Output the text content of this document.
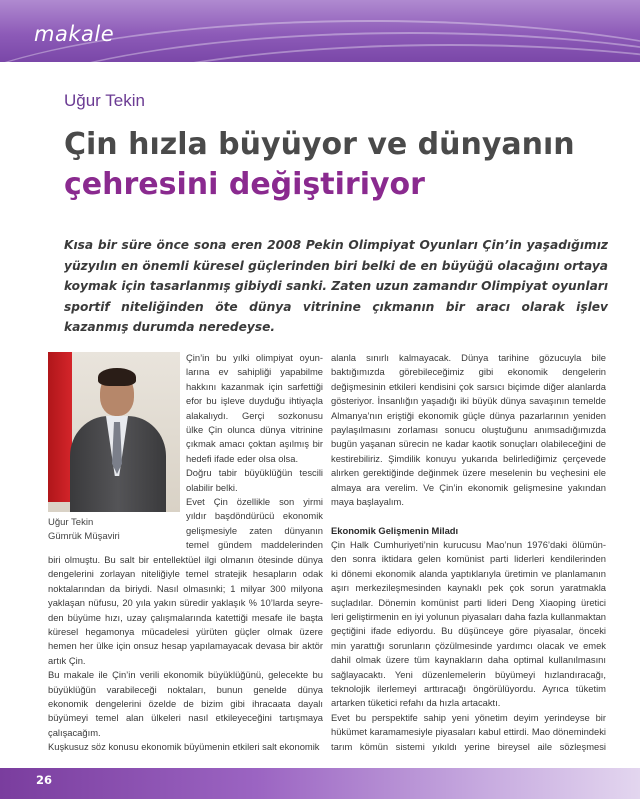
makale
Uğur Tekin
Çin hızla büyüyor ve dünyanın
çehresini değiştiriyor
Kısa bir süre önce sona eren 2008 Pekin Olimpiyat Oyunları Çin’in yaşadığımız yüzyılın en önemli küresel güçlerinden biri belki de en büyüğü olacağını ortaya koymak için tasarlanmış gibiydi sanki. Zaten uzun zamandır Olimpiyat oyunları sportif niteliğinden öte dünya vitrinine çıkmanın bir aracı olarak işlev kazanmış durumda neredeyse.
Uğur Tekin
Gümrük Müşaviri
Çin’in bu yılki olimpiyat oyun-
larına ev sahipliği yapabilme
hakkını kazanmak için sarfettiği
efor bu işleve duyduğu ihtiyaçla
alakalıydı. Gerçi sozkonusu
ülke Çin olunca dünya vitrinine
çıkmak amacı çoktan aşılmış bir
hedefi ifade eder olsa olsa.
Doğru tabir büyüklüğün tescili
olabilir belki.
Evet Çin özellikle son yirmi
yıldır başdöndürücü ekonomik
gelişmesiyle zaten dünyanın
temel gündem maddelerinden
biri olmuştu. Bu salt bir entellektüel ilgi olmanın ötesinde dünya
dengelerini zorlayan niteliğiyle temel stratejik hesapların odak
noktalarından da biriydi. Nasıl olmasınki; 1 milyar 300 milyona
yaklaşan nüfusu, 20 yıla yakın süredir yaklaşık % 10’larda seyre-
den büyüme hızı, uzay çalışmalarında katettiği mesafe ile başta
küresel hegamonya mücadelesi yürüten güçler olmak üzere
hemen her ülke için onsuz hesap yapılamayacak devasa bir aktör
artık Çin.
Bu makale ile Çin’in verili ekonomik büyüklüğünü, gelecekte bu
büyüklüğün varabileceği noktaları, bunun genelde dünya
ekonomik dengelerini özelde de bizim gibi ihracaata dayalı
büyümeyi temel alan ülkeleri nasıl etkileyeceğini tartışmaya
çalışacağım.
Kuşkusuz söz konusu ekonomik büyümenin etkileri salt ekonomik
alanla sınırlı kalmayacak. Dünya tarihine gözucuyla bile
baktığımızda görebileceğimiz gibi ekonomik dengelerin
değişmesinin etkileri kendisini çok sarsıcı biçimde diğer alanlarda
gösteriyor. İnsanlığın yaşadığı iki büyük dünya savaşının temelde
Almanya’nın eriştiği ekonomik güçle dünya pazarlarının yeniden
paylaşılmasını zorlaması sonucu oluştuğunu anımsadığımızda
bugün yaşanan sürecin ne kadar kaotik sonuçları olabileceğini de
kestirebiliriz. Şimdilik konuyu yukarıda belirlediğimiz çerçevede
alırken gerektiğinde değinmek üzere meselenin bu veçhesini ele
almaya ara verelim. Ve Çin’in ekonomik gelişmesine yakından
maya başlayalım.
Ekonomik Gelişmenin Miladı
Çin Halk Cumhuriyeti’nin kurucusu Mao’nun 1976’daki ölümün-
den sonra iktidara gelen komünist parti liderleri kendilerinden
ki dönemi ekonomik alanda yaptıklarıyla üretimin ve planlamanın
aşırı merkezileşmesinden kaynaklı pek çok sorun yaratmakla
suçladılar. Dönemin komünist parti lideri Deng Xiaoping üretici
leri geliştirmenin en iyi yolunun piyasaları daha fazla kullanmaktan
geçtiğini ifade ediyordu. Bu düşünceye göre piyasalar, önceki
min yarattığı sorunların çözülmesinde yardımcı olacak ve emek
dahil olmak üzere tüm kaynakların daha optimal kullanılmasını
sağlayacaktı. Yeni düzenlemelerin büyümeyi hızlandıracağı,
teknolojik ilerlemeyi arttıracağı öngörülüyordu. Ayrıca tüketim
artarken tüketici refahı da hızla artacaktı.
Evet bu perspektife sahip yeni yönetim deyim yerindeyse bir
hükümet karamamesiyle piyasaları kabul ettirdi. Mao dönemindeki
tarım kömün sistemi yıkıldı yerine bireysel aile sözleşmesi
26
